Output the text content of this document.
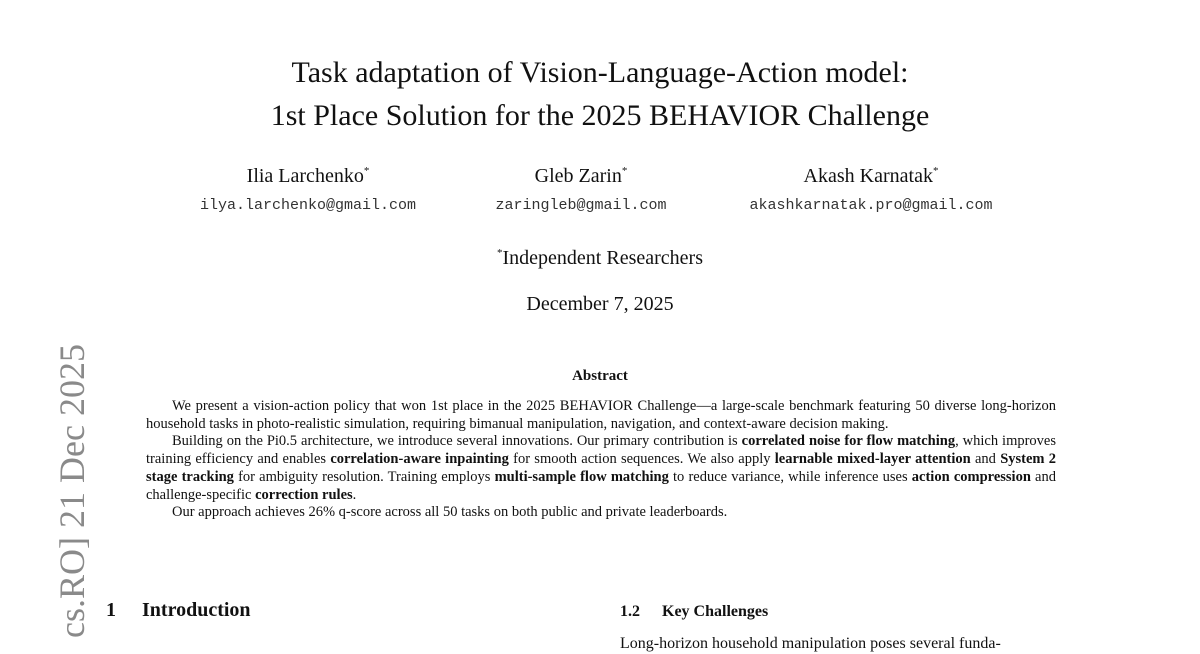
cs.RO] 21 Dec 2025
Task adaptation of Vision-Language-Action model:
1st Place Solution for the 2025 BEHAVIOR Challenge
Ilia Larchenko*
ilya.larchenko@gmail.com
Gleb Zarin*
zaringleb@gmail.com
Akash Karnatak*
akashkarnatak.pro@gmail.com
*Independent Researchers
December 7, 2025
Abstract

We present a vision-action policy that won 1st place in the 2025 BEHAVIOR Challenge—a large-scale benchmark featuring 50 diverse long-horizon household tasks in photo-realistic simulation, requiring bimanual manipulation, navigation, and context-aware decision making.

Building on the Pi0.5 architecture, we introduce several innovations. Our primary contribution is correlated noise for flow matching, which improves training efficiency and enables correlation-aware inpainting for smooth action sequences. We also apply learnable mixed-layer attention and System 2 stage tracking for ambiguity resolution. Training employs multi-sample flow matching to reduce variance, while inference uses action compression and challenge-specific correction rules.

Our approach achieves 26% q-score across all 50 tasks on both public and private leaderboards.

1 Introduction	1.2 Key Challenges
Long-horizon household manipulation poses several funda-
